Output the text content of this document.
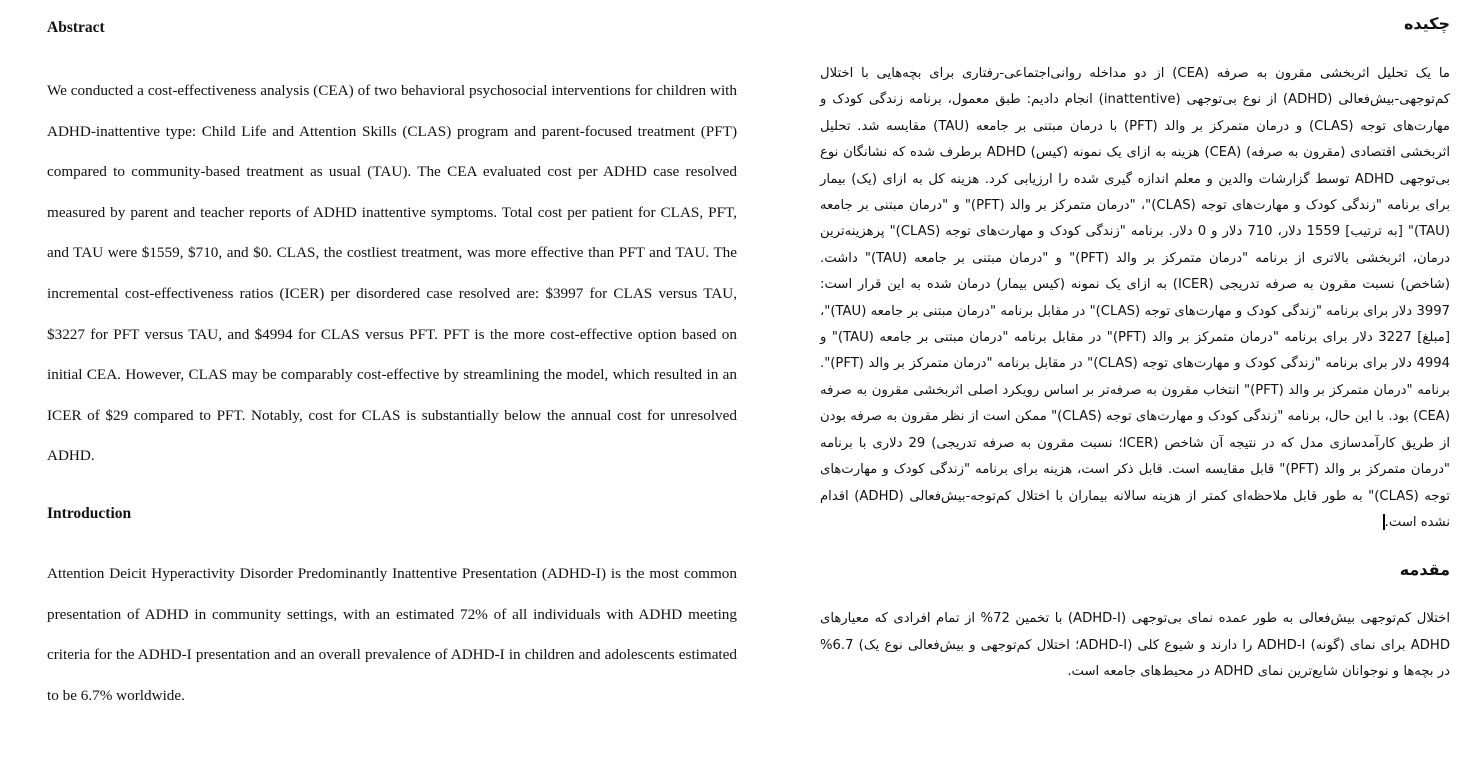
Abstract

We conducted a cost-effectiveness analysis (CEA) of two behavioral psychosocial interventions for children with ADHD-inattentive type: Child Life and Attention Skills (CLAS) program and parent-focused treatment (PFT) compared to community-based treatment as usual (TAU). The CEA evaluated cost per ADHD case resolved measured by parent and teacher reports of ADHD inattentive symptoms. Total cost per patient for CLAS, PFT, and TAU were $1559, $710, and $0. CLAS, the costliest treatment, was more effective than PFT and TAU. The incremental cost-effectiveness ratios (ICER) per disordered case resolved are: $3997 for CLAS versus TAU, $3227 for PFT versus TAU, and $4994 for CLAS versus PFT. PFT is the more cost-effective option based on initial CEA. However, CLAS may be comparably cost-effective by streamlining the model, which resulted in an ICER of $29 compared to PFT. Notably, cost for CLAS is substantially below the annual cost for unresolved ADHD.

Introduction

Attention Deicit Hyperactivity Disorder Predominantly Inattentive Presentation (ADHD-I) is the most common presentation of ADHD in community settings, with an estimated 72% of all individuals with ADHD meeting criteria for the ADHD-I presentation and an overall prevalence of ADHD-I in children and adolescents estimated to be 6.7% worldwide.

چکیده

ما یک تحلیل اثربخشی مقرون به صرفه (CEA) از دو مداخله روانی‌اجتماعی-رفتاری برای بچه‌هایی با اختلال کم‌توجهی-بیش‌فعالی (ADHD) از نوع بی‌توجهی (inattentive) انجام دادیم: طبق معمول، برنامه زندگی کودک و مهارت‌های توجه (CLAS) و درمان متمرکز بر والد (PFT) با درمان مبتنی بر جامعه (TAU) مقایسه شد. تحلیل اثربخشی اقتصادی (مقرون به صرفه) (CEA) هزینه به ازای یک نمونه (کیس) ADHD برطرف شده که نشانگان نوع بی‌توجهی ADHD توسط گزارشات والدین و معلم اندازه گیری شده را ارزیابی کرد. هزینه کل به ازای (یک) بیمار برای برنامه "زندگی کودک و مهارت‌های توجه (CLAS)"، "درمان متمرکز بر والد (PFT)" و "درمان مبتنی بر جامعه (TAU)" [به ترتیب] 1559 دلار، 710 دلار و 0 دلار. برنامه "زندگی کودک و مهارت‌های توجه (CLAS)" پرهزینه‌ترین درمان، اثربخشی بالاتری از برنامه "درمان متمرکز بر والد (PFT)" و "درمان مبتنی بر جامعه (TAU)" داشت. (شاخص) نسبت مقرون به صرفه تدریجی (ICER) به ازای یک نمونه (کیس بیمار) درمان شده به این قرار است: 3997 دلار برای برنامه "زندگی کودک و مهارت‌های توجه (CLAS)" در مقابل برنامه "درمان مبتنی بر جامعه (TAU)"، [مبلغ] 3227 دلار برای برنامه "درمان متمرکز بر والد (PFT)" در مقابل برنامه "درمان مبتنی بر جامعه (TAU)" و 4994 دلار برای برنامه "زندگی کودک و مهارت‌های توجه (CLAS)" در مقابل برنامه "درمان متمرکز بر والد (PFT)". برنامه "درمان متمرکز بر والد (PFT)" انتخاب مقرون به صرفه‌تر بر اساس رویکرد اصلی اثربخشی مقرون به صرفه (CEA) بود. با این حال، برنامه "زندگی کودک و مهارت‌های توجه (CLAS)" ممکن است از نظر مقرون به صرفه بودن از طریق کارآمدسازی مدل که در نتیجه آن شاخص (ICER؛ نسبت مقرون به صرفه تدریجی) 29 دلاری با برنامه "درمان متمرکز بر والد (PFT)" قابل مقایسه است. قابل ذکر است، هزینه برای برنامه "زندگی کودک و مهارت‌های توجه (CLAS)" به طور قابل ملاحظه‌ای کمتر از هزینه سالانه بیماران با اختلال کم‌توجه-بیش‌فعالی (ADHD) اقدام نشده است.

مقدمه

اختلال کم‌توجهی بیش‌فعالی به طور عمده نمای بی‌توجهی (ADHD-I) با تخمین 72% از تمام افرادی که معیارهای ADHD برای نمای (گونه) ADHD-I را دارند و شیوع کلی (ADHD-I؛ اختلال کم‌توجهی و بیش‌فعالی نوع یک) 6.7% در بچه‌ها و نوجوانان شایع‌ترین نمای ADHD در محیط‌های جامعه است.
